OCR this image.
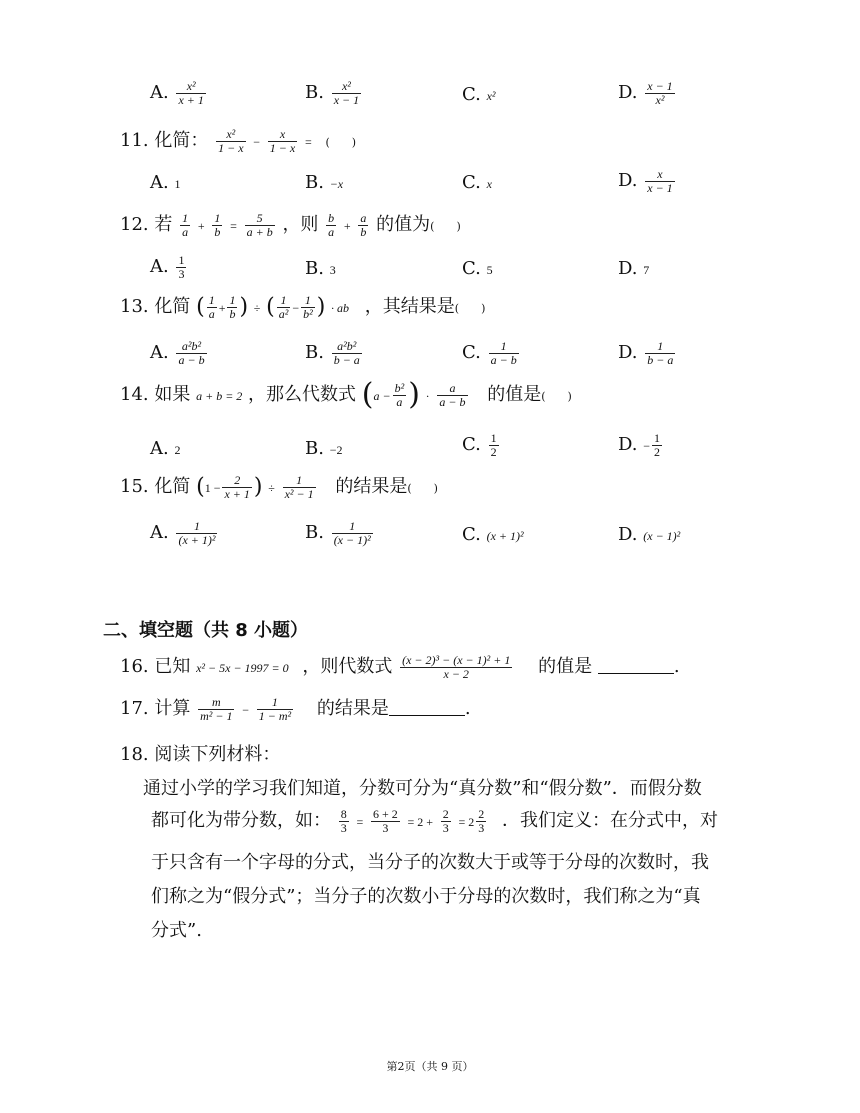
A. $\frac{\text{x²}}{x + 1}$	B. $\frac{\text{x²}}{x - 1}$	C. x²	D. $\frac{x - 1}{\text{x²}}$
11. 化简： $\frac{\text{x²}}{1 - x} - \frac{x}{1 - x}$ = (　　)
A. 1	B. −x	C. x	D. $\frac{x}{x - 1}$
12. 若 $\frac{1}{a} + \frac{1}{b} = \frac{5}{a + b}$ ，则 $\frac{b}{a} + \frac{a}{b}$ 的值为(　　)
A. $\frac{1}{3}$	B. 3	C. 5	D. 7
13. 化简 ( $\frac{1}{a} + \frac{1}{b}$ ) ÷ ( $\frac{1}{\text{a²}} - \frac{1}{\text{b²}}$ ) · ab ，其结果是(　　)
A. $\frac{\text{a²b²}}{a - b}$	B. $\frac{\text{a²b²}}{b - a}$	C. $\frac{1}{a - b}$	D. $\frac{1}{b - a}$
14. 如果 a + b = 2 ，那么代数式 ($a - \frac{\text{b²}}{a}$ ) · $\frac{a}{a - b}$ 的值是(　　)
A. 2	B. −2	C. $\frac{1}{2}$	D. − $\frac{1}{2}$
15. 化简 ($1 - \frac{2}{x + 1}$ ) ÷ $\frac{1}{\text{x² − 1}}$ 的结果是(　　)
A. $\frac{1}{\text{(x + 1)²}}$	B. $\frac{1}{\text{(x − 1)²}}$	C. (x + 1)²	D. (x − 1)²
二、填空题（共 8 小题）
16. 已知 x² − 5x − 1997 = 0 ，则代数式 $\frac{\text{(x − 2)³ − (x − 1)² + 1}}{x - 2}$ 的值是	.
17. 计算 $\frac{m}{\text{m² − 1}} - \frac{1}{\text{1 − m²}}$ 的结果是	.
18. 阅读下列材料：
通过小学的学习我们知道，分数可分为“真分数”和“假分数”．而假分数
都可化为带分数，如： $\frac{8}{3} = \frac{6 + 2}{3} = 2 + \frac{2}{3} = 2 \frac{2}{3}$ ．我们定义：在分式中，对
于只含有一个字母的分式，当分子的次数大于或等于分母的次数时，我
们称之为“假分式”；当分子的次数小于分母的次数时，我们称之为“真
分式”.
第2页（共 9 页）
